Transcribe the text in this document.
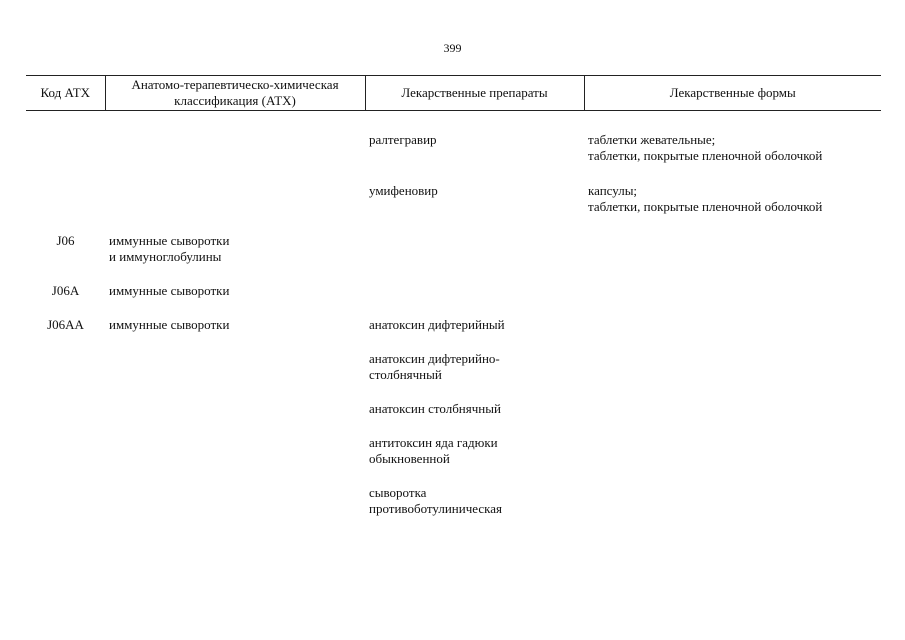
399
Код АТХ	Анатомо-терапевтическо-химическая классификация (АТХ)	Лекарственные препараты	Лекарственные формы
		ралтегравир	таблетки жевательные;
таблетки, покрытые пленочной оболочкой

		умифеновир	капсулы;
таблетки, покрытые пленочной оболочкой

J06	иммунные сыворотки
и иммуноглобулины		

J06A	иммунные сыворотки		

J06AA	иммунные сыворотки	анатоксин дифтерийный	

		анатоксин дифтерийно-
столбнячный	

		анатоксин столбнячный	

		антитоксин яда гадюки
обыкновенной	

		сыворотка
противоботулиническая	
